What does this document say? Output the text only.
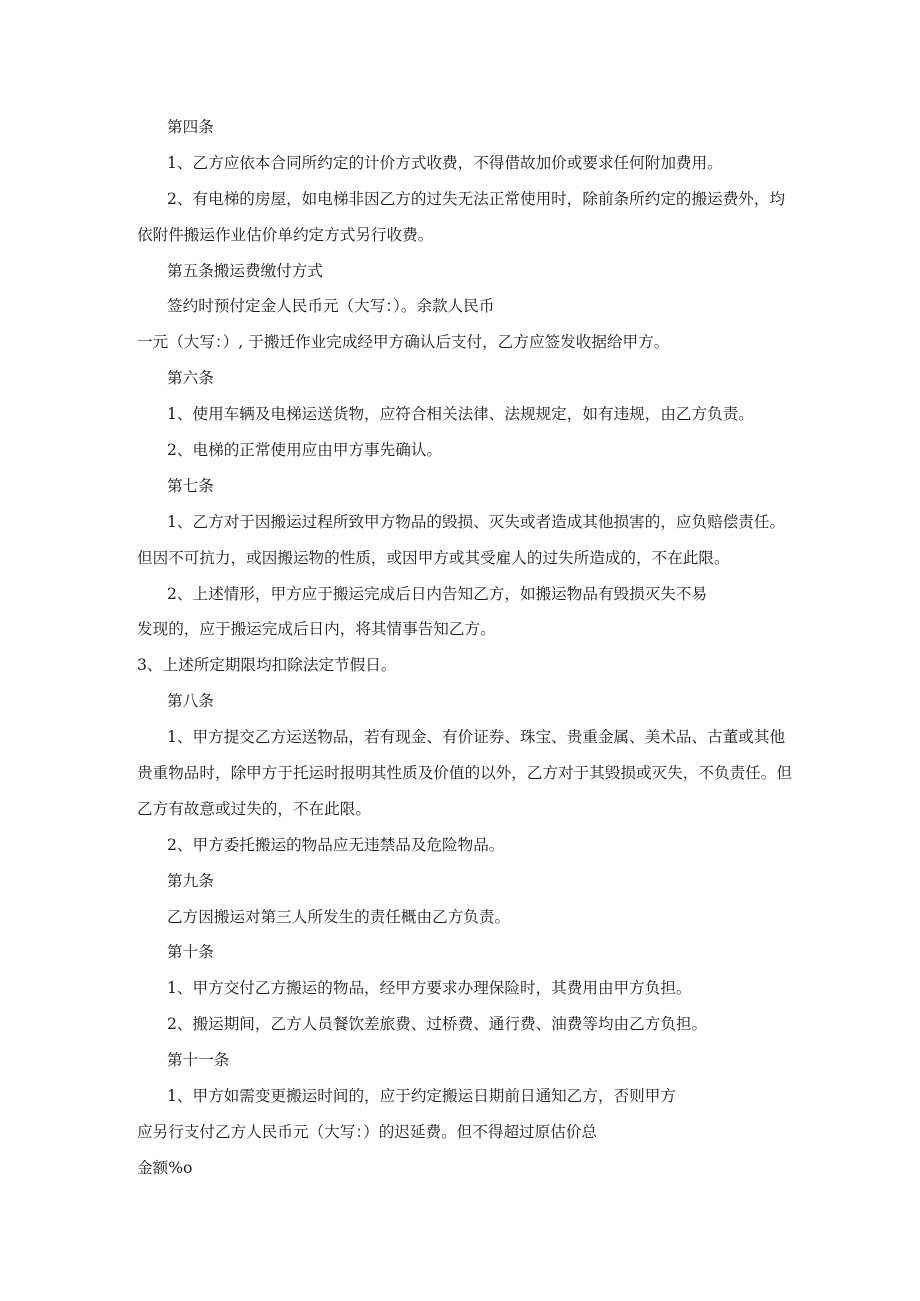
第四条
1、乙方应依本合同所约定的计价方式收费，不得借故加价或要求任何附加费用。
2、有电梯的房屋，如电梯非因乙方的过失无法正常使用时，除前条所约定的搬运费外，均
依附件搬运作业估价单约定方式另行收费。
第五条搬运费缴付方式
签约时预付定金人民币元（大写：）。余款人民币
一元（大写：）, 于搬迁作业完成经甲方确认后支付，乙方应签发收据给甲方。
第六条
1、使用车辆及电梯运送货物，应符合相关法律、法规规定，如有违规，由乙方负责。
2、电梯的正常使用应由甲方事先确认。
第七条
1、乙方对于因搬运过程所致甲方物品的毁损、灭失或者造成其他损害的，应负赔偿责任。
但因不可抗力，或因搬运物的性质，或因甲方或其受雇人的过失所造成的，不在此限。
2、上述情形，甲方应于搬运完成后日内告知乙方，如搬运物品有毁损灭失不易
发现的，应于搬运完成后日内，将其情事告知乙方。
3、上述所定期限均扣除法定节假日。
第八条
1、甲方提交乙方运送物品，若有现金、有价证券、珠宝、贵重金属、美术品、古董或其他
贵重物品时，除甲方于托运时报明其性质及价值的以外，乙方对于其毁损或灭失，不负责任。但
乙方有故意或过失的，不在此限。
2、甲方委托搬运的物品应无违禁品及危险物品。
第九条
乙方因搬运对第三人所发生的责任概由乙方负责。
第十条
1、甲方交付乙方搬运的物品，经甲方要求办理保险时，其费用由甲方负担。
2、搬运期间，乙方人员餐饮差旅费、过桥费、通行费、油费等均由乙方负担。
第十一条
1、甲方如需变更搬运时间的，应于约定搬运日期前日通知乙方，否则甲方
应另行支付乙方人民币元（大写：）的迟延费。但不得超过原估价总
金额%o
